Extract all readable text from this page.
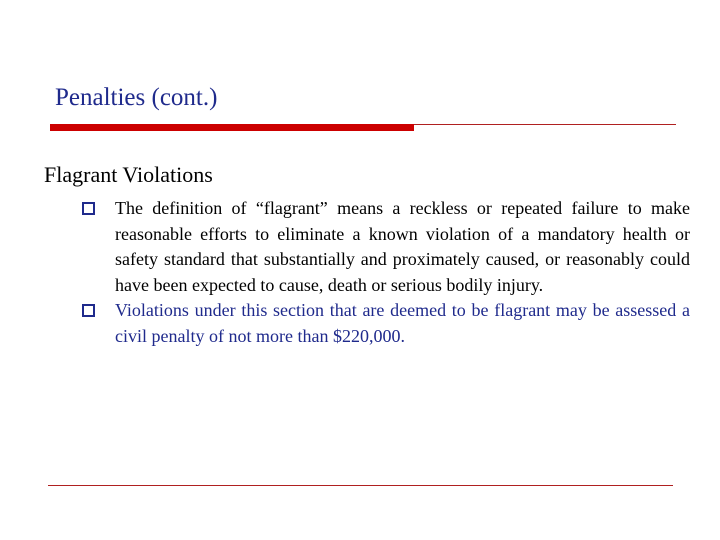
Penalties (cont.)
Flagrant Violations
The definition of “flagrant” means a reckless or repeated failure to make reasonable efforts to eliminate a known violation of a mandatory health or safety standard that substantially and proximately caused, or reasonably could have been expected to cause, death or serious bodily injury.
Violations under this section that are deemed to be flagrant may be assessed a civil penalty of not more than $220,000.
